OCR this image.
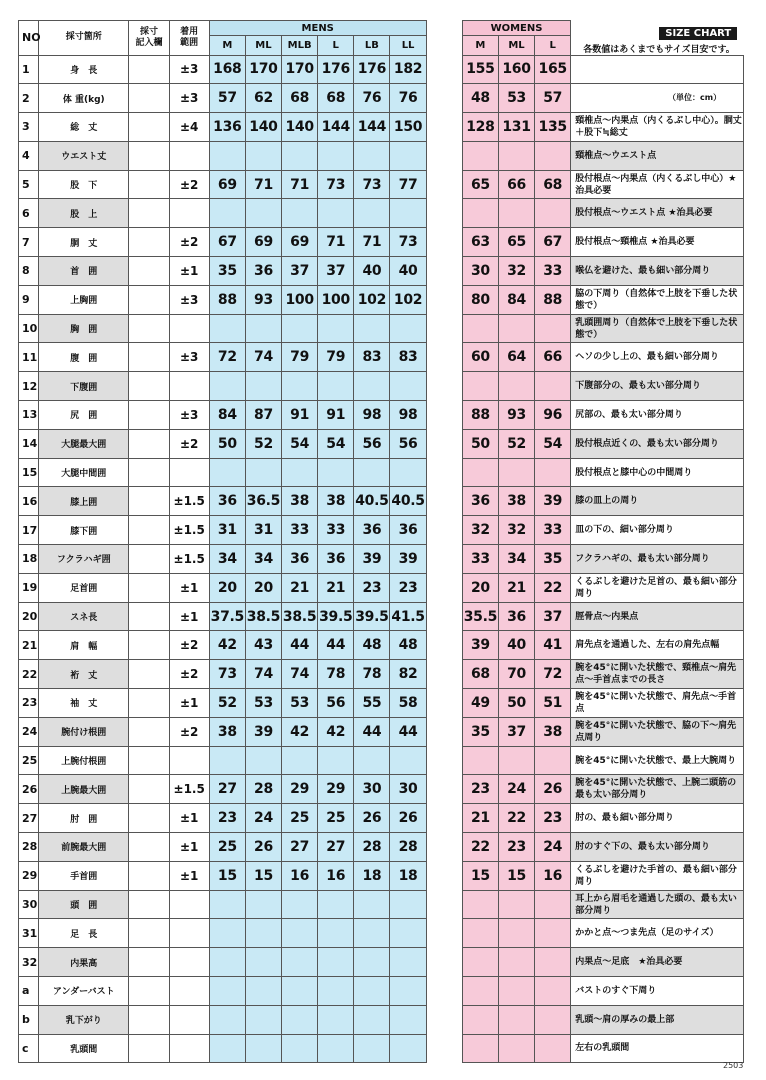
NO	採寸箇所	採寸
記入欄	着用
範囲	MENS							WOMENS			SIZE CHART
各数値はあくまでもサイズ目安です。

				M	ML	MLB	L	LB	LL		M	ML	L	
1	身　長		±3	168	170	170	176	176	182		155	160	165	
2	体 重(kg)		±3	57	62	68	68	76	76		48	53	57	
3	総　丈		±4	136	140	140	144	144	150		128	131	135	頸椎点～内果点（内くるぶし中心）。胴丈＋股下≒総丈
4	ウエスト丈													頸椎点～ウエスト点
5	股　下		±2	69	71	71	73	73	77		65	66	68	股付根点～内果点（内くるぶし中心）★治具必要
6	股　上													股付根点～ウエスト点 ★治具必要
7	胴　丈		±2	67	69	69	71	71	73		63	65	67	股付根点～頸椎点 ★治具必要
8	首　囲		±1	35	36	37	37	40	40		30	32	33	喉仏を避けた、最も細い部分周り
9	上胸囲		±3	88	93	100	100	102	102		80	84	88	脇の下周り（自然体で上肢を下垂した状態で）
10	胸　囲													乳頭囲周り（自然体で上肢を下垂した状態で）
11	腹　囲		±3	72	74	79	79	83	83		60	64	66	ヘソの少し上の、最も細い部分周り
12	下腹囲													下腹部分の、最も太い部分周り
13	尻　囲		±3	84	87	91	91	98	98		88	93	96	尻部の、最も太い部分周り
14	大腿最大囲		±2	50	52	54	54	56	56		50	52	54	股付根点近くの、最も太い部分周り
15	大腿中間囲													股付根点と膝中心の中間周り
16	膝上囲		±1.5	36	36.5	38	38	40.5	40.5		36	38	39	膝の皿上の周り
17	膝下囲		±1.5	31	31	33	33	36	36		32	32	33	皿の下の、細い部分周り
18	フクラハギ囲		±1.5	34	34	36	36	39	39		33	34	35	フクラハギの、最も太い部分周り
19	足首囲		±1	20	20	21	21	23	23		20	21	22	くるぶしを避けた足首の、最も細い部分周り
20	スネ長		±1	37.5	38.5	38.5	39.5	39.5	41.5		35.5	36	37	脛骨点～内果点
21	肩　幅		±2	42	43	44	44	48	48		39	40	41	肩先点を通過した、左右の肩先点幅
22	裄　丈		±2	73	74	74	78	78	82		68	70	72	腕を45°に開いた状態で、頸椎点～肩先点～手首点までの長さ
23	袖　丈		±1	52	53	53	56	55	58		49	50	51	腕を45°に開いた状態で、肩先点～手首点
24	腕付け根囲		±2	38	39	42	42	44	44		35	37	38	腕を45°に開いた状態で、脇の下～肩先点周り
25	上腕付根囲													腕を45°に開いた状態で、最上大腕周り
26	上腕最大囲		±1.5	27	28	29	29	30	30		23	24	26	腕を45°に開いた状態で、上腕二頭筋の最も太い部分周り
27	肘　囲		±1	23	24	25	25	26	26		21	22	23	肘の、最も細い部分周り
28	前腕最大囲		±1	25	26	27	27	28	28		22	23	24	肘のすぐ下の、最も太い部分周り
29	手首囲		±1	15	15	16	16	18	18		15	15	16	くるぶしを避けた手首の、最も細い部分周り
30	頭　囲													耳上から眉毛を通過した頭の、最も太い部分周り
31	足　長													かかと点～つま先点（足のサイズ）
32	内果高													内果点～足底　★治具必要
a	アンダーバスト													バストのすぐ下周り
b	乳下がり													乳頭～肩の厚みの最上部
c	乳頭間													左右の乳頭間
（単位：cm）
2503
